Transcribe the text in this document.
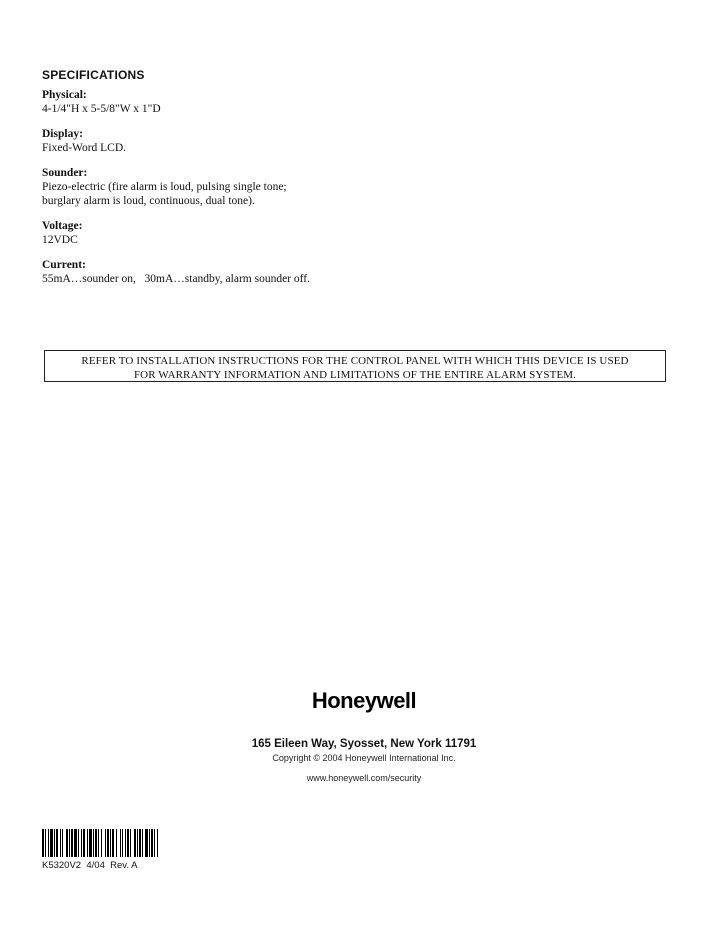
SPECIFICATIONS
Physical:
4-1/4"H x 5-5/8"W x 1"D
Display:
Fixed-Word LCD.
Sounder:
Piezo-electric (fire alarm is loud, pulsing single tone;
burglary alarm is loud, continuous, dual tone).
Voltage:
12VDC
Current:
55mA…sounder on,   30mA…standby, alarm sounder off.
REFER TO INSTALLATION INSTRUCTIONS FOR THE CONTROL PANEL WITH WHICH THIS DEVICE IS USED
FOR WARRANTY INFORMATION AND LIMITATIONS OF THE ENTIRE ALARM SYSTEM.
Honeywell
165 Eileen Way, Syosset, New York 11791
Copyright © 2004 Honeywell International Inc.
www.honeywell.com/security
K5320V2  4/04  Rev. A
